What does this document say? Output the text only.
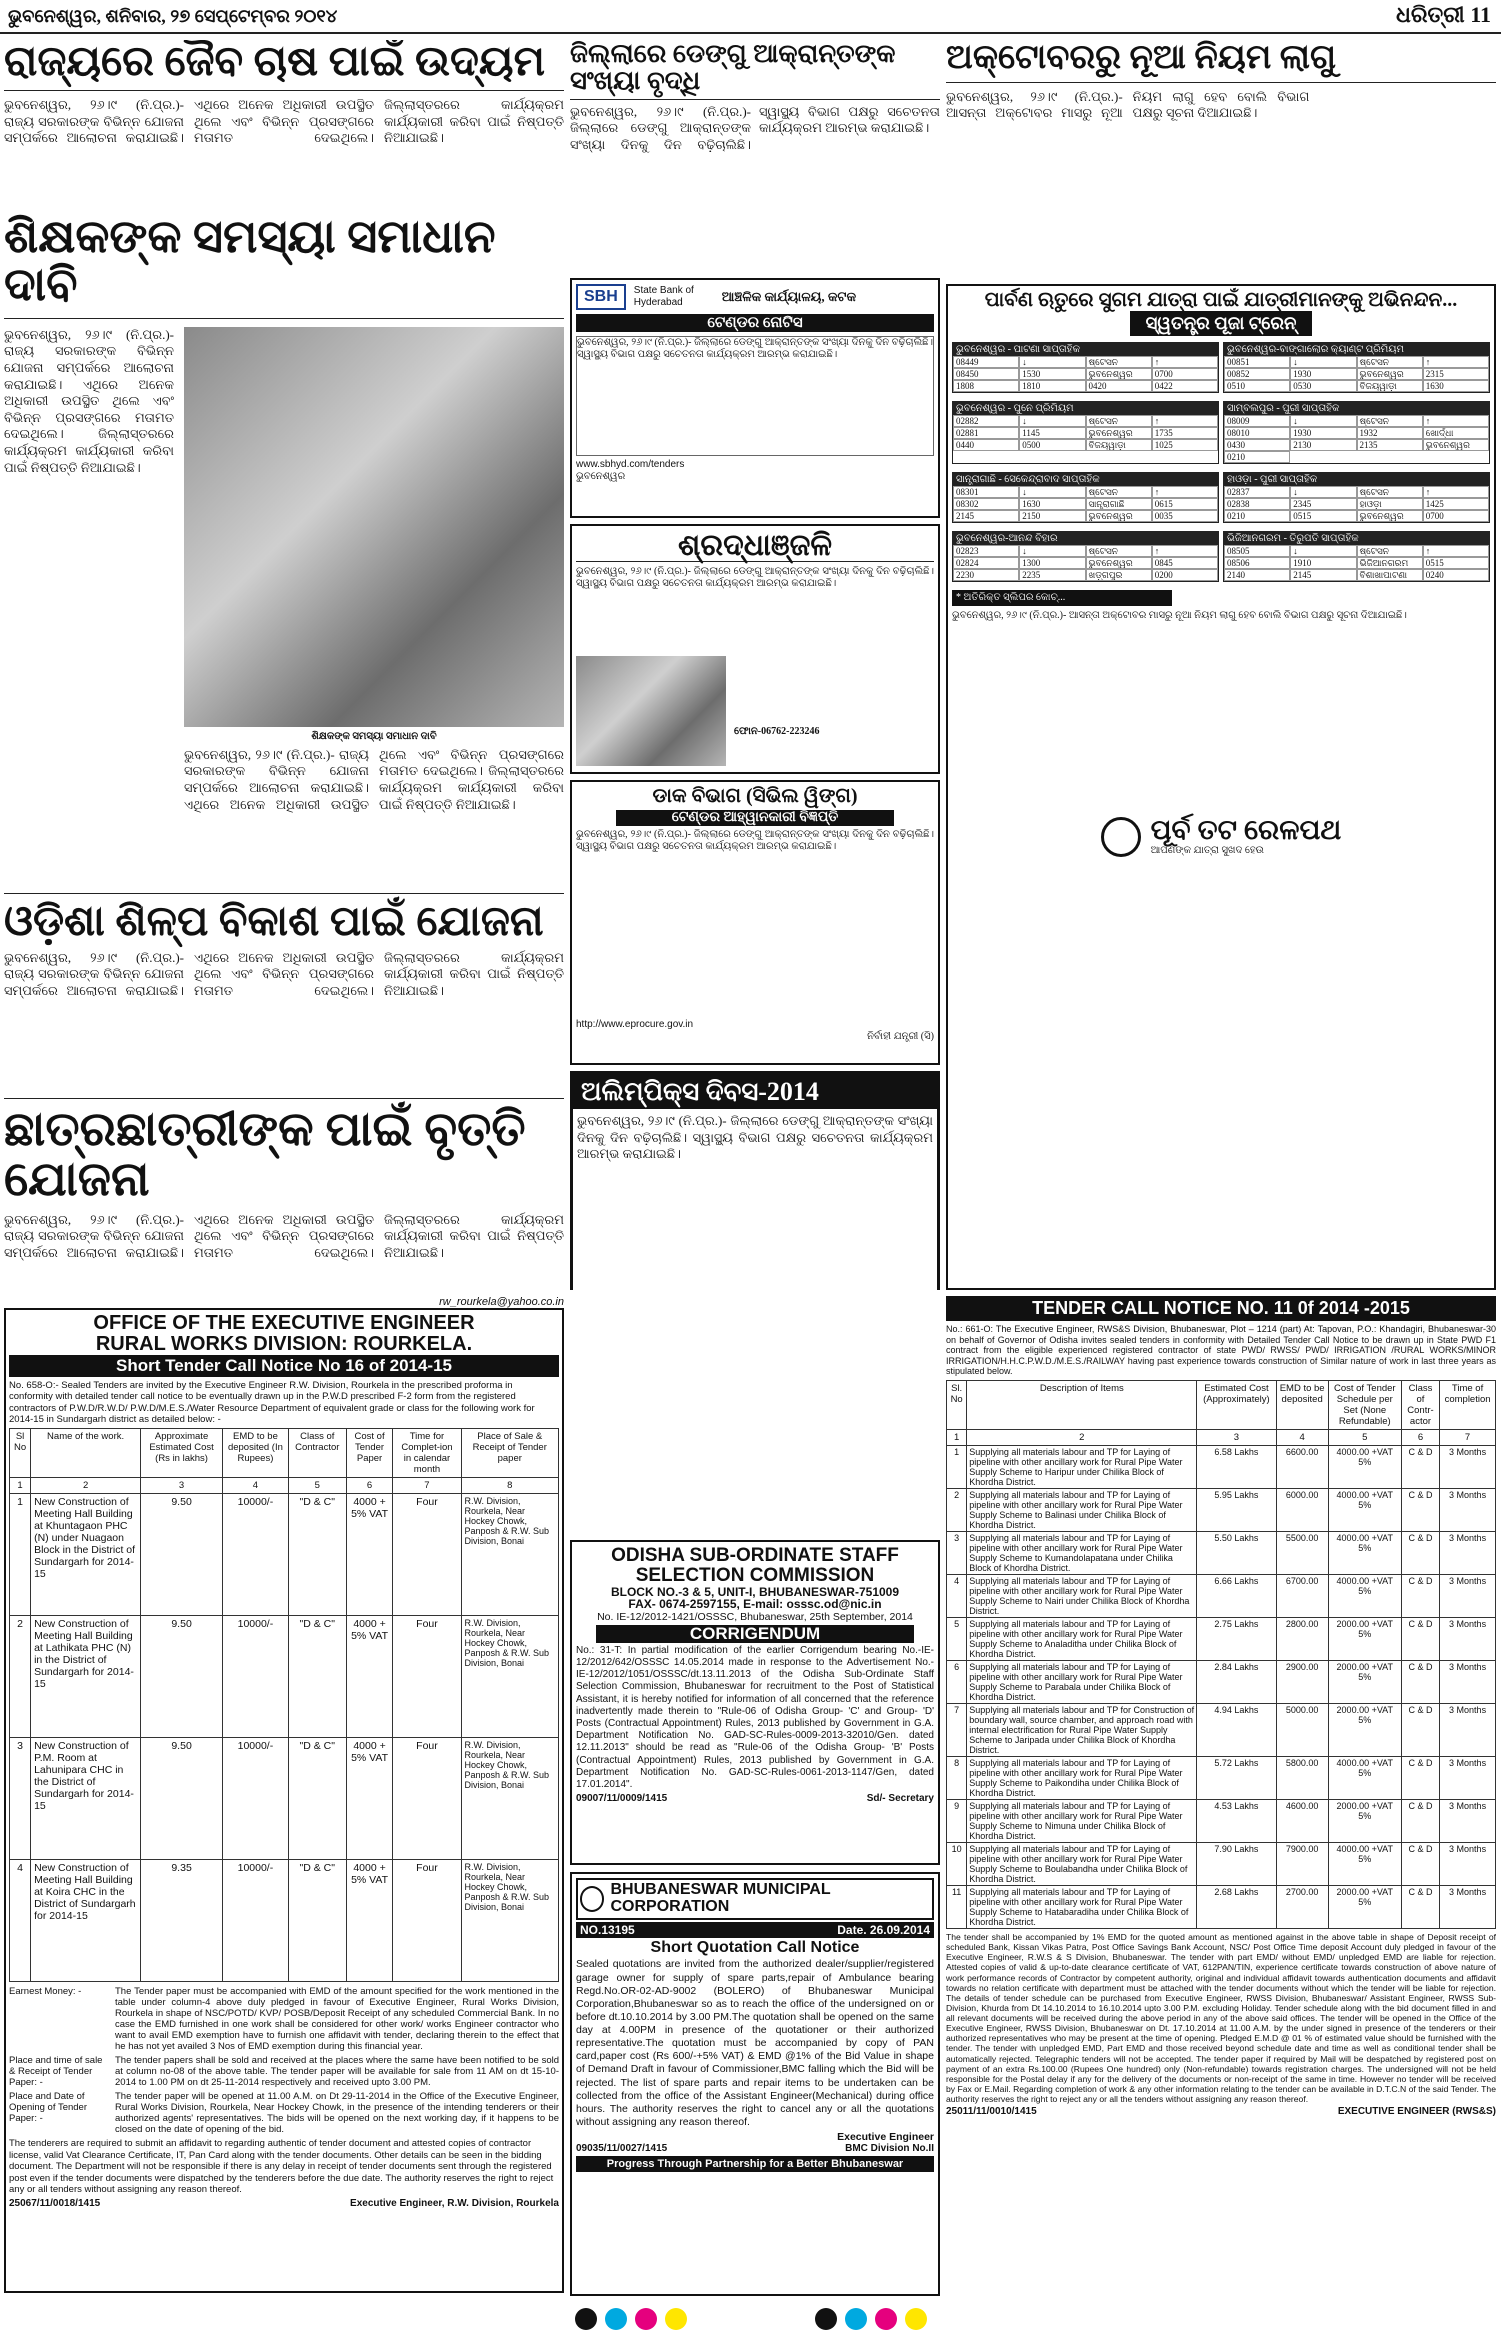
ଭୁବନେଶ୍ୱର, ଶନିବାର, ୨୭ ସେପ୍ଟେମ୍ବର ୨୦୧୪	ଧରିତ୍ରୀ 11
ରାଜ୍ୟରେ ଜୈବ ଚାଷ ପାଇଁ ଉଦ୍ୟମ
ଭୁବନେଶ୍ୱର, ୨୬।୯ (ନି.ପ୍ର.)- ରାଜ୍ୟ ସରକାରଙ୍କ ବିଭିନ୍ନ ଯୋଜନା ସମ୍ପର୍କରେ ଆଲୋଚନା କରାଯାଇଛି। ଏଥିରେ ଅନେକ ଅଧିକାରୀ ଉପସ୍ଥିତ ଥିଲେ ଏବଂ ବିଭିନ୍ନ ପ୍ରସଙ୍ଗରେ ମତାମତ ଦେଇଥିଲେ। ଜିଲ୍ଲାସ୍ତରରେ କାର୍ଯ୍ୟକ୍ରମ କାର୍ଯ୍ୟକାରୀ କରିବା ପାଇଁ ନିଷ୍ପତ୍ତି ନିଆଯାଇଛି।
ଶିକ୍ଷକଙ୍କ ସମସ୍ୟା ସମାଧାନ ଦାବି
ଭୁବନେଶ୍ୱର, ୨୬।୯ (ନି.ପ୍ର.)- ରାଜ୍ୟ ସରକାରଙ୍କ ବିଭିନ୍ନ ଯୋଜନା ସମ୍ପର୍କରେ ଆଲୋଚନା କରାଯାଇଛି। ଏଥିରେ ଅନେକ ଅଧିକାରୀ ଉପସ୍ଥିତ ଥିଲେ ଏବଂ ବିଭିନ୍ନ ପ୍ରସଙ୍ଗରେ ମତାମତ ଦେଇଥିଲେ। ଜିଲ୍ଲାସ୍ତରରେ କାର୍ଯ୍ୟକ୍ରମ କାର୍ଯ୍ୟକାରୀ କରିବା ପାଇଁ ନିଷ୍ପତ୍ତି ନିଆଯାଇଛି।
ଶିକ୍ଷକଙ୍କ ସମସ୍ୟା ସମାଧାନ ଦାବି
ଭୁବନେଶ୍ୱର, ୨୬।୯ (ନି.ପ୍ର.)- ରାଜ୍ୟ ସରକାରଙ୍କ ବିଭିନ୍ନ ଯୋଜନା ସମ୍ପର୍କରେ ଆଲୋଚନା କରାଯାଇଛି। ଏଥିରେ ଅନେକ ଅଧିକାରୀ ଉପସ୍ଥିତ ଥିଲେ ଏବଂ ବିଭିନ୍ନ ପ୍ରସଙ୍ଗରେ ମତାମତ ଦେଇଥିଲେ। ଜିଲ୍ଲାସ୍ତରରେ କାର୍ଯ୍ୟକ୍ରମ କାର୍ଯ୍ୟକାରୀ କରିବା ପାଇଁ ନିଷ୍ପତ୍ତି ନିଆଯାଇଛି।
ଓଡ଼ିଶା ଶିଳ୍ପ ବିକାଶ ପାଇଁ ଯୋଜନା
ଭୁବନେଶ୍ୱର, ୨୬।୯ (ନି.ପ୍ର.)- ରାଜ୍ୟ ସରକାରଙ୍କ ବିଭିନ୍ନ ଯୋଜନା ସମ୍ପର୍କରେ ଆଲୋଚନା କରାଯାଇଛି। ଏଥିରେ ଅନେକ ଅଧିକାରୀ ଉପସ୍ଥିତ ଥିଲେ ଏବଂ ବିଭିନ୍ନ ପ୍ରସଙ୍ଗରେ ମତାମତ ଦେଇଥିଲେ। ଜିଲ୍ଲାସ୍ତରରେ କାର୍ଯ୍ୟକ୍ରମ କାର୍ଯ୍ୟକାରୀ କରିବା ପାଇଁ ନିଷ୍ପତ୍ତି ନିଆଯାଇଛି।
ଛାତ୍ରଛାତ୍ରୀଙ୍କ ପାଇଁ ବୃତ୍ତି ଯୋଜନା
ଭୁବନେଶ୍ୱର, ୨୬।୯ (ନି.ପ୍ର.)- ରାଜ୍ୟ ସରକାରଙ୍କ ବିଭିନ୍ନ ଯୋଜନା ସମ୍ପର୍କରେ ଆଲୋଚନା କରାଯାଇଛି। ଏଥିରେ ଅନେକ ଅଧିକାରୀ ଉପସ୍ଥିତ ଥିଲେ ଏବଂ ବିଭିନ୍ନ ପ୍ରସଙ୍ଗରେ ମତାମତ ଦେଇଥିଲେ। ଜିଲ୍ଲାସ୍ତରରେ କାର୍ଯ୍ୟକ୍ରମ କାର୍ଯ୍ୟକାରୀ କରିବା ପାଇଁ ନିଷ୍ପତ୍ତି ନିଆଯାଇଛି।
ଜିଲ୍ଲାରେ ଡେଙ୍ଗୁ ଆକ୍ରାନ୍ତଙ୍କ ସଂଖ୍ୟା ବୃଦ୍ଧି
ଭୁବନେଶ୍ୱର, ୨୬।୯ (ନି.ପ୍ର.)- ଜିଲ୍ଲାରେ ଡେଙ୍ଗୁ ଆକ୍ରାନ୍ତଙ୍କ ସଂଖ୍ୟା ଦିନକୁ ଦିନ ବଢ଼ିଚାଲିଛି। ସ୍ୱାସ୍ଥ୍ୟ ବିଭାଗ ପକ୍ଷରୁ ସଚେତନତା କାର୍ଯ୍ୟକ୍ରମ ଆରମ୍ଭ କରାଯାଇଛି।
SBH	State Bank of Hyderabad	ଆଞ୍ଚଳିକ କାର୍ଯ୍ୟାଳୟ, କଟକ
ଟେଣ୍ଡର ନୋଟିସ
ଭୁବନେଶ୍ୱର, ୨୬।୯ (ନି.ପ୍ର.)- ଜିଲ୍ଲାରେ ଡେଙ୍ଗୁ ଆକ୍ରାନ୍ତଙ୍କ ସଂଖ୍ୟା ଦିନକୁ ଦିନ ବଢ଼ିଚାଲିଛି। ସ୍ୱାସ୍ଥ୍ୟ ବିଭାଗ ପକ୍ଷରୁ ସଚେତନତା କାର୍ଯ୍ୟକ୍ରମ ଆରମ୍ଭ କରାଯାଇଛି।
www.sbhyd.com/tenders
ଭୁବନେଶ୍ୱର
ଶ୍ରଦ୍ଧାଞ୍ଜଳି
ଭୁବନେଶ୍ୱର, ୨୬।୯ (ନି.ପ୍ର.)- ଜିଲ୍ଲାରେ ଡେଙ୍ଗୁ ଆକ୍ରାନ୍ତଙ୍କ ସଂଖ୍ୟା ଦିନକୁ ଦିନ ବଢ଼ିଚାଲିଛି। ସ୍ୱାସ୍ଥ୍ୟ ବିଭାଗ ପକ୍ଷରୁ ସଚେତନତା କାର୍ଯ୍ୟକ୍ରମ ଆରମ୍ଭ କରାଯାଇଛି।
ଫୋନ-06762-223246
ଡାକ ବିଭାଗ (ସିଭିଲ ୱିଙ୍ଗ)
ଟେଣ୍ଡର ଆହ୍ୱାନକାରୀ ବିଜ୍ଞପ୍ତି
ଭୁବନେଶ୍ୱର, ୨୬।୯ (ନି.ପ୍ର.)- ଜିଲ୍ଲାରେ ଡେଙ୍ଗୁ ଆକ୍ରାନ୍ତଙ୍କ ସଂଖ୍ୟା ଦିନକୁ ଦିନ ବଢ଼ିଚାଲିଛି। ସ୍ୱାସ୍ଥ୍ୟ ବିଭାଗ ପକ୍ଷରୁ ସଚେତନତା କାର୍ଯ୍ୟକ୍ରମ ଆରମ୍ଭ କରାଯାଇଛି।
http://www.eprocure.gov.in
ନିର୍ବାହୀ ଯନ୍ତ୍ରୀ (ସି)
ଅଲିମ୍ପିକ୍ସ ଦିବସ-2014
ଭୁବନେଶ୍ୱର, ୨୬।୯ (ନି.ପ୍ର.)- ଜିଲ୍ଲାରେ ଡେଙ୍ଗୁ ଆକ୍ରାନ୍ତଙ୍କ ସଂଖ୍ୟା ଦିନକୁ ଦିନ ବଢ଼ିଚାଲିଛି। ସ୍ୱାସ୍ଥ୍ୟ ବିଭାଗ ପକ୍ଷରୁ ସଚେତନତା କାର୍ଯ୍ୟକ୍ରମ ଆରମ୍ଭ କରାଯାଇଛି।
ଅକ୍ଟୋବରରୁ ନୂଆ ନିୟମ ଲାଗୁ
ଭୁବନେଶ୍ୱର, ୨୬।୯ (ନି.ପ୍ର.)- ଆସନ୍ତା ଅକ୍ଟୋବର ମାସରୁ ନୂଆ ନିୟମ ଲାଗୁ ହେବ ବୋଲି ବିଭାଗ ପକ୍ଷରୁ ସୂଚନା ଦିଆଯାଇଛି।
ପାର୍ବଣ ଋତୁରେ ସୁଗମ ଯାତ୍ରା ପାଇଁ ଯାତ୍ରୀମାନଙ୍କୁ ଅଭିନନ୍ଦନ...
ସ୍ୱତନ୍ତ୍ର ପୂଜା ଟ୍ରେନ୍
ଭୁବନେଶ୍ୱର - ପାଟଣା ସାପ୍ତାହିକ
08449	↓	ଷ୍ଟେସନ	↑
08450	1530	ଭୁବନେଶ୍ୱର	0700
1808	1810	0420	0422
ଭୁବନେଶ୍ୱର-ବାଙ୍ଗାଲୋର କ୍ୟାଣ୍ଟ ପ୍ରିମିୟମ
00851	↓	ଷ୍ଟେସନ	↑
00852	1930	ଭୁବନେଶ୍ୱର	2315
0510	0530	ବିଜୟୱାଡ଼ା	1630
ଭୁବନେଶ୍ୱର - ପୁନେ ପ୍ରିମିୟମ
02882	↓	ଷ୍ଟେସନ	↑
02881	1145	ଭୁବନେଶ୍ୱର	1735
0440	0500	ବିଜୟୱାଡ଼ା	1025
ସାମ୍ବଲପୁର - ପୁରୀ ସାପ୍ତାହିକ
08009	↓	ଷ୍ଟେସନ	↑
08010	1930	1932	ଖୋର୍ଦ୍ଧା
0430	2130	2135	ଭୁବନେଶ୍ୱର
0210
ସାନ୍ତ୍ରାଗାଛି - ସେକେନ୍ଦ୍ରାବାଦ ସାପ୍ତାହିକ
08301	↓	ଷ୍ଟେସନ	↑
08302	1630	ସାନ୍ତ୍ରାଗାଛି	0615
2145	2150	ଭୁବନେଶ୍ୱର	0035
ହାଓଡ଼ା - ପୁରୀ ସାପ୍ତାହିକ
02837	↓	ଷ୍ଟେସନ	↑
02838	2345	ହାଓଡ଼ା	1425
0210	0515	ଭୁବନେଶ୍ୱର	0700
ଭୁବନେଶ୍ୱର-ଆନନ୍ଦ ବିହାର
02823	↓	ଷ୍ଟେସନ	↑
02824	1300	ଭୁବନେଶ୍ୱର	0845
2230	2235	ଖଡ଼୍ଗପୁର	0200
ଭିଜିଆନଗରମ - ତିରୁପତି ସାପ୍ତାହିକ
08505	↓	ଷ୍ଟେସନ	↑
08506	1910	ଭିଜିଆନଗରମ	0515
2140	2145	ବିଶାଖାପାଟଣା	0240
* ଅତିରିକ୍ତ ସ୍ଲିପର କୋଚ୍...
ଭୁବନେଶ୍ୱର, ୨୬।୯ (ନି.ପ୍ର.)- ଆସନ୍ତା ଅକ୍ଟୋବର ମାସରୁ ନୂଆ ନିୟମ ଲାଗୁ ହେବ ବୋଲି ବିଭାଗ ପକ୍ଷରୁ ସୂଚନା ଦିଆଯାଇଛି।
ପୂର୍ବ ତଟ ରେଳପଥ
ଆପଣଙ୍କ ଯାତ୍ରା ସୁଖଦ ହେଉ
rw_rourkela@yahoo.co.in
OFFICE OF THE EXECUTIVE ENGINEER
RURAL WORKS DIVISION: ROURKELA.
Short Tender Call Notice No 16 of 2014-15
No. 658-O:- Sealed Tenders are invited by the Executive Engineer R.W. Division, Rourkela in the prescribed proforma in conformity with detailed tender call notice to be eventually drawn up in the P.W.D prescribed F-2 form from the registered contractors of P.W.D/R.W.D/ P.W.D/M.E.S./Water Resource Department of equivalent grade or class for the following work for 2014-15 in Sundargarh district as detailed below: -
Sl No	Name of the work.	Approximate Estimated Cost (Rs in lakhs)	EMD to be deposited (In Rupees)	Class of Contractor	Cost of Tender Paper	Time for Complet-ion in calendar month	Place of Sale & Receipt of Tender paper
1	2	3	4	5	6	7	8
1	New Construction of Meeting Hall Building at Khuntagaon PHC (N) under Nuagaon Block in the District of Sundargarh for 2014-15	9.50	10000/-	"D & C"	4000 + 5% VAT	Four	R.W. Division, Rourkela, Near Hockey Chowk, Panposh & R.W. Sub Division, Bonai
2	New Construction of Meeting Hall Building at Lathikata PHC (N) in the District of Sundargarh for 2014-15	9.50	10000/-	"D & C"	4000 + 5% VAT	Four	R.W. Division, Rourkela, Near Hockey Chowk, Panposh & R.W. Sub Division, Bonai
3	New Construction of P.M. Room at Lahunipara CHC in the District of Sundargarh for 2014-15	9.50	10000/-	"D & C"	4000 + 5% VAT	Four	R.W. Division, Rourkela, Near Hockey Chowk, Panposh & R.W. Sub Division, Bonai
4	New Construction of Meeting Hall Building at Koira CHC in the District of Sundargarh for 2014-15	9.35	10000/-	"D & C"	4000 + 5% VAT	Four	R.W. Division, Rourkela, Near Hockey Chowk, Panposh & R.W. Sub Division, Bonai
Earnest Money: -	The Tender paper must be accompanied with EMD of the amount specified for the work mentioned in the table under column-4 above duly pledged in favour of Executive Engineer, Rural Works Division, Rourkela in shape of NSC/POTD/ KVP/ POSB/Deposit Receipt of any scheduled Commercial Bank. In no case the EMD furnished in one work shall be considered for other work/ works Engineer contractor who want to avail EMD exemption have to furnish one affidavit with tender, declaring therein to the effect that he has not yet availed 3 Nos of EMD exemption during this financial year.
Place and time of sale & Receipt of Tender Paper: -
The tender papers shall be sold and received at the places where the same have been notified to be sold at column no-08 of the above table. The tender paper will be available for sale from 11 AM on dt 15-10-2014 to 1.00 PM on dt 25-11-2014 respectively and received upto 3.00 PM.
Place and Date of Opening of Tender Paper: -
The tender paper will be opened at 11.00 A.M. on Dt 29-11-2014 in the Office of the Executive Engineer, Rural Works Division, Rourkela, Near Hockey Chowk, in the presence of the intending tenderers or their authorized agents' representatives. The bids will be opened on the next working day, if it happens to be closed on the date of opening of the bid.
The tenderers are required to submit an affidavit to regarding authentic of tender document and attested copies of contractor license, valid Vat Clearance Certificate, IT, Pan Card along with the tender documents. Other details can be seen in the bidding document. The Department will not be responsible if there is any delay in receipt of tender documents sent through the registered post even if the tender documents were dispatched by the tenderers before the due date. The authority reserves the right to reject any or all tenders without assigning any reason thereof.
25067/11/0018/1415	Executive Engineer, R.W. Division, Rourkela
ODISHA SUB-ORDINATE STAFF
SELECTION COMMISSION
BLOCK NO.-3 & 5, UNIT-I, BHUBANESWAR-751009
FAX- 0674-2597155, E-mail: osssc.od@nic.in
No. IE-12/2012-1421/OSSSC, Bhubaneswar, 25th September, 2014
CORRIGENDUM
No.: 31-T: In partial modification of the earlier Corrigendum bearing No.-IE-12/2012/642/OSSSC 14.05.2014 made in response to the Advertisement No.- IE-12/2012/1051/OSSSC/dt.13.11.2013 of the Odisha Sub-Ordinate Staff Selection Commission, Bhubaneswar for recruitment to the Post of Statistical Assistant, it is hereby notified for information of all concerned that the reference inadvertently made therein to "Rule-06 of Odisha Group- 'C' and Group- 'D' Posts (Contractual Appointment) Rules, 2013 published by Government in G.A. Department Notification No. GAD-SC-Rules-0009-2013-32010/Gen. dated 12.11.2013" should be read as "Rule-06 of the Odisha Group- 'B' Posts (Contractual Appointment) Rules, 2013 published by Government in G.A. Department Notification No. GAD-SC-Rules-0061-2013-1147/Gen, dated 17.01.2014".
09007/11/0009/1415	Sd/- Secretary
BHUBANESWAR MUNICIPAL CORPORATION
NO.13195	Date. 26.09.2014
Short Quotation Call Notice
Sealed quotations are invited from the authorized dealer/supplier/registered garage owner for supply of spare parts,repair of Ambulance bearing Regd.No.OR-02-AD-9002 (BOLERO) of Bhubaneswar Municipal Corporation,Bhubaneswar so as to reach the office of the undersigned on or before dt.10.10.2014 by 3.00 PM.The quotation shall be opened on the same day at 4.00PM in presence of the quotationer or their authorized representative.The quotation must be accompanied by copy of PAN card,paper cost (Rs 600/-+5% VAT) & EMD @1% of the Bid Value in shape of Demand Draft in favour of Commissioner,BMC falling which the Bid will be rejected. The list of spare parts and repair items to be undertaken can be collected from the office of the Assistant Engineer(Mechanical) during office hours. The authority reserves the right to cancel any or all the quotations without assigning any reason thereof.
Executive Engineer
09035/11/0027/1415	BMC Division No.II
Progress Through Partnership for a Better Bhubaneswar
TENDER CALL NOTICE NO. 11 0f 2014 -2015
No.: 661-O: The Executive Engineer, RWS&S Division, Bhubaneswar, Plot – 1214 (part) At: Tapovan, P.O.: Khandagiri, Bhubaneswar-30 on behalf of Governor of Odisha invites sealed tenders in conformity with Detailed Tender Call Notice to be drawn up in State PWD F1 contract from the eligible experienced registered contractor of state PWD/ RWSS/ PWD/ IRRIGATION /RURAL WORKS/MINOR IRRIGATION/H.H.C.P.W.D./M.E.S./RAILWAY having past experience towards construction of Similar nature of work in last three years as stipulated below.
Sl. No	Description of Items	Estimated Cost (Approximately)	EMD to be deposited	Cost of Tender Schedule per Set (None Refundable)	Class of Contr-actor	Time of completion
1	2	3	4	5	6	7
1	Supplying all materials labour and TP for Laying of pipeline with other ancillary work for Rural Pipe Water Supply Scheme to Haripur under Chilika Block of Khordha District.	6.58 Lakhs	6600.00	4000.00 +VAT 5%	C & D	3 Months
2	Supplying all materials labour and TP for Laying of pipeline with other ancillary work for Rural Pipe Water Supply Scheme to Balinasi under Chilika Block of Khordha District.	5.95 Lakhs	6000.00	4000.00 +VAT 5%	C & D	3 Months
3	Supplying all materials labour and TP for Laying of pipeline with other ancillary work for Rural Pipe Water Supply Scheme to Kumandolapatana under Chilika Block of Khordha District.	5.50 Lakhs	5500.00	4000.00 +VAT 5%	C & D	3 Months
4	Supplying all materials labour and TP for Laying of pipeline with other ancillary work for Rural Pipe Water Supply Scheme to Nairi under Chilika Block of Khordha District.	6.66 Lakhs	6700.00	4000.00 +VAT 5%	C & D	3 Months
5	Supplying all materials labour and TP for Laying of pipeline with other ancillary work for Rural Pipe Water Supply Scheme to Analaditha under Chilika Block of Khordha District.	2.75 Lakhs	2800.00	2000.00 +VAT 5%	C & D	3 Months
6	Supplying all materials labour and TP for Laying of pipeline with other ancillary work for Rural Pipe Water Supply Scheme to Parabala under Chilika Block of Khordha District.	2.84 Lakhs	2900.00	2000.00 +VAT 5%	C & D	3 Months
7	Supplying all materials labour and TP for Construction of boundary wall, source chamber, and approach road with internal electrification for Rural Pipe Water Supply Scheme to Jaripada under Chilika Block of Khordha District.	4.94 Lakhs	5000.00	2000.00 +VAT 5%	C & D	3 Months
8	Supplying all materials labour and TP for Laying of pipeline with other ancillary work for Rural Pipe Water Supply Scheme to Paikondiha under Chilika Block of Khordha District.	5.72 Lakhs	5800.00	4000.00 +VAT 5%	C & D	3 Months
9	Supplying all materials labour and TP for Laying of pipeline with other ancillary work for Rural Pipe Water Supply Scheme to Nimuna under Chilika Block of Khordha District.	4.53 Lakhs	4600.00	2000.00 +VAT 5%	C & D	3 Months
10	Supplying all materials labour and TP for Laying of pipeline with other ancillary work for Rural Pipe Water Supply Scheme to Boulabandha under Chilika Block of Khordha District.	7.90 Lakhs	7900.00	4000.00 +VAT 5%	C & D	3 Months
11	Supplying all materials labour and TP for Laying of pipeline with other ancillary work for Rural Pipe Water Supply Scheme to Hatabaradiha under Chilika Block of Khordha District.	2.68 Lakhs	2700.00	2000.00 +VAT 5%	C & D	3 Months
The tender shall be accompanied by 1% EMD for the quoted amount as mentioned against in the above table in shape of Deposit receipt of scheduled Bank, Kissan Vikas Patra, Post Office Savings Bank Account, NSC/ Post Office Time deposit Account duly pledged in favour of the Executive Engineer, R.W.S & S Division, Bhubaneswar. The tender with part EMD/ without EMD/ unpledged EMD are liable for rejection. Attested copies of valid & up-to-date clearance certificate of VAT, 612PAN/TIN, experience certificate towards construction of above nature of work performance records of Contractor by competent authority, original and individual affidavit towards authentication documents and affidavit towards no relation certificate with department must be attached with the tender documents without which the tender will be liable for rejection. The details of tender schedule can be purchased from Executive Engineer, RWSS Division, Bhubaneswar/ Assistant Engineer, RWSS Sub-Division, Khurda from Dt 14.10.2014 to 16.10.2014 upto 3.00 P.M. excluding Holiday. Tender schedule along with the bid document filled in and all relevant documents will be received during the above period in any of the above said offices. The tender will be opened in the Office of the Executive Engineer, RWSS Division, Bhubaneswar on Dt. 17.10.2014 at 11.00 A.M. by the under signed in presence of the tenderers or their authorized representatives who may be present at the time of opening. Pledged E.M.D @ 01 % of estimated value should be furnished with the tender. The tender with unpledged EMD, Part EMD and those received beyond schedule date and time as well as conditional tender shall be automatically rejected. Telegraphic tenders will not be accepted. The tender paper if required by Mail will be despatched by registered post on payment of an extra Rs.100.00 (Rupees One hundred) only (Non-refundable) towards registration charges. The undersigned will not be held responsible for the Postal delay if any for the delivery of the documents or non-receipt of the same in time. However no tender will be received by Fax or E.Mail. Regarding completion of work & any other information relating to the tender can be available in D.T.C.N of the said Tender. The authority reserves the right to reject any or all the tenders without assigning any reason thereof.
25011/11/0010/1415	EXECUTIVE ENGINEER (RWS&S)
